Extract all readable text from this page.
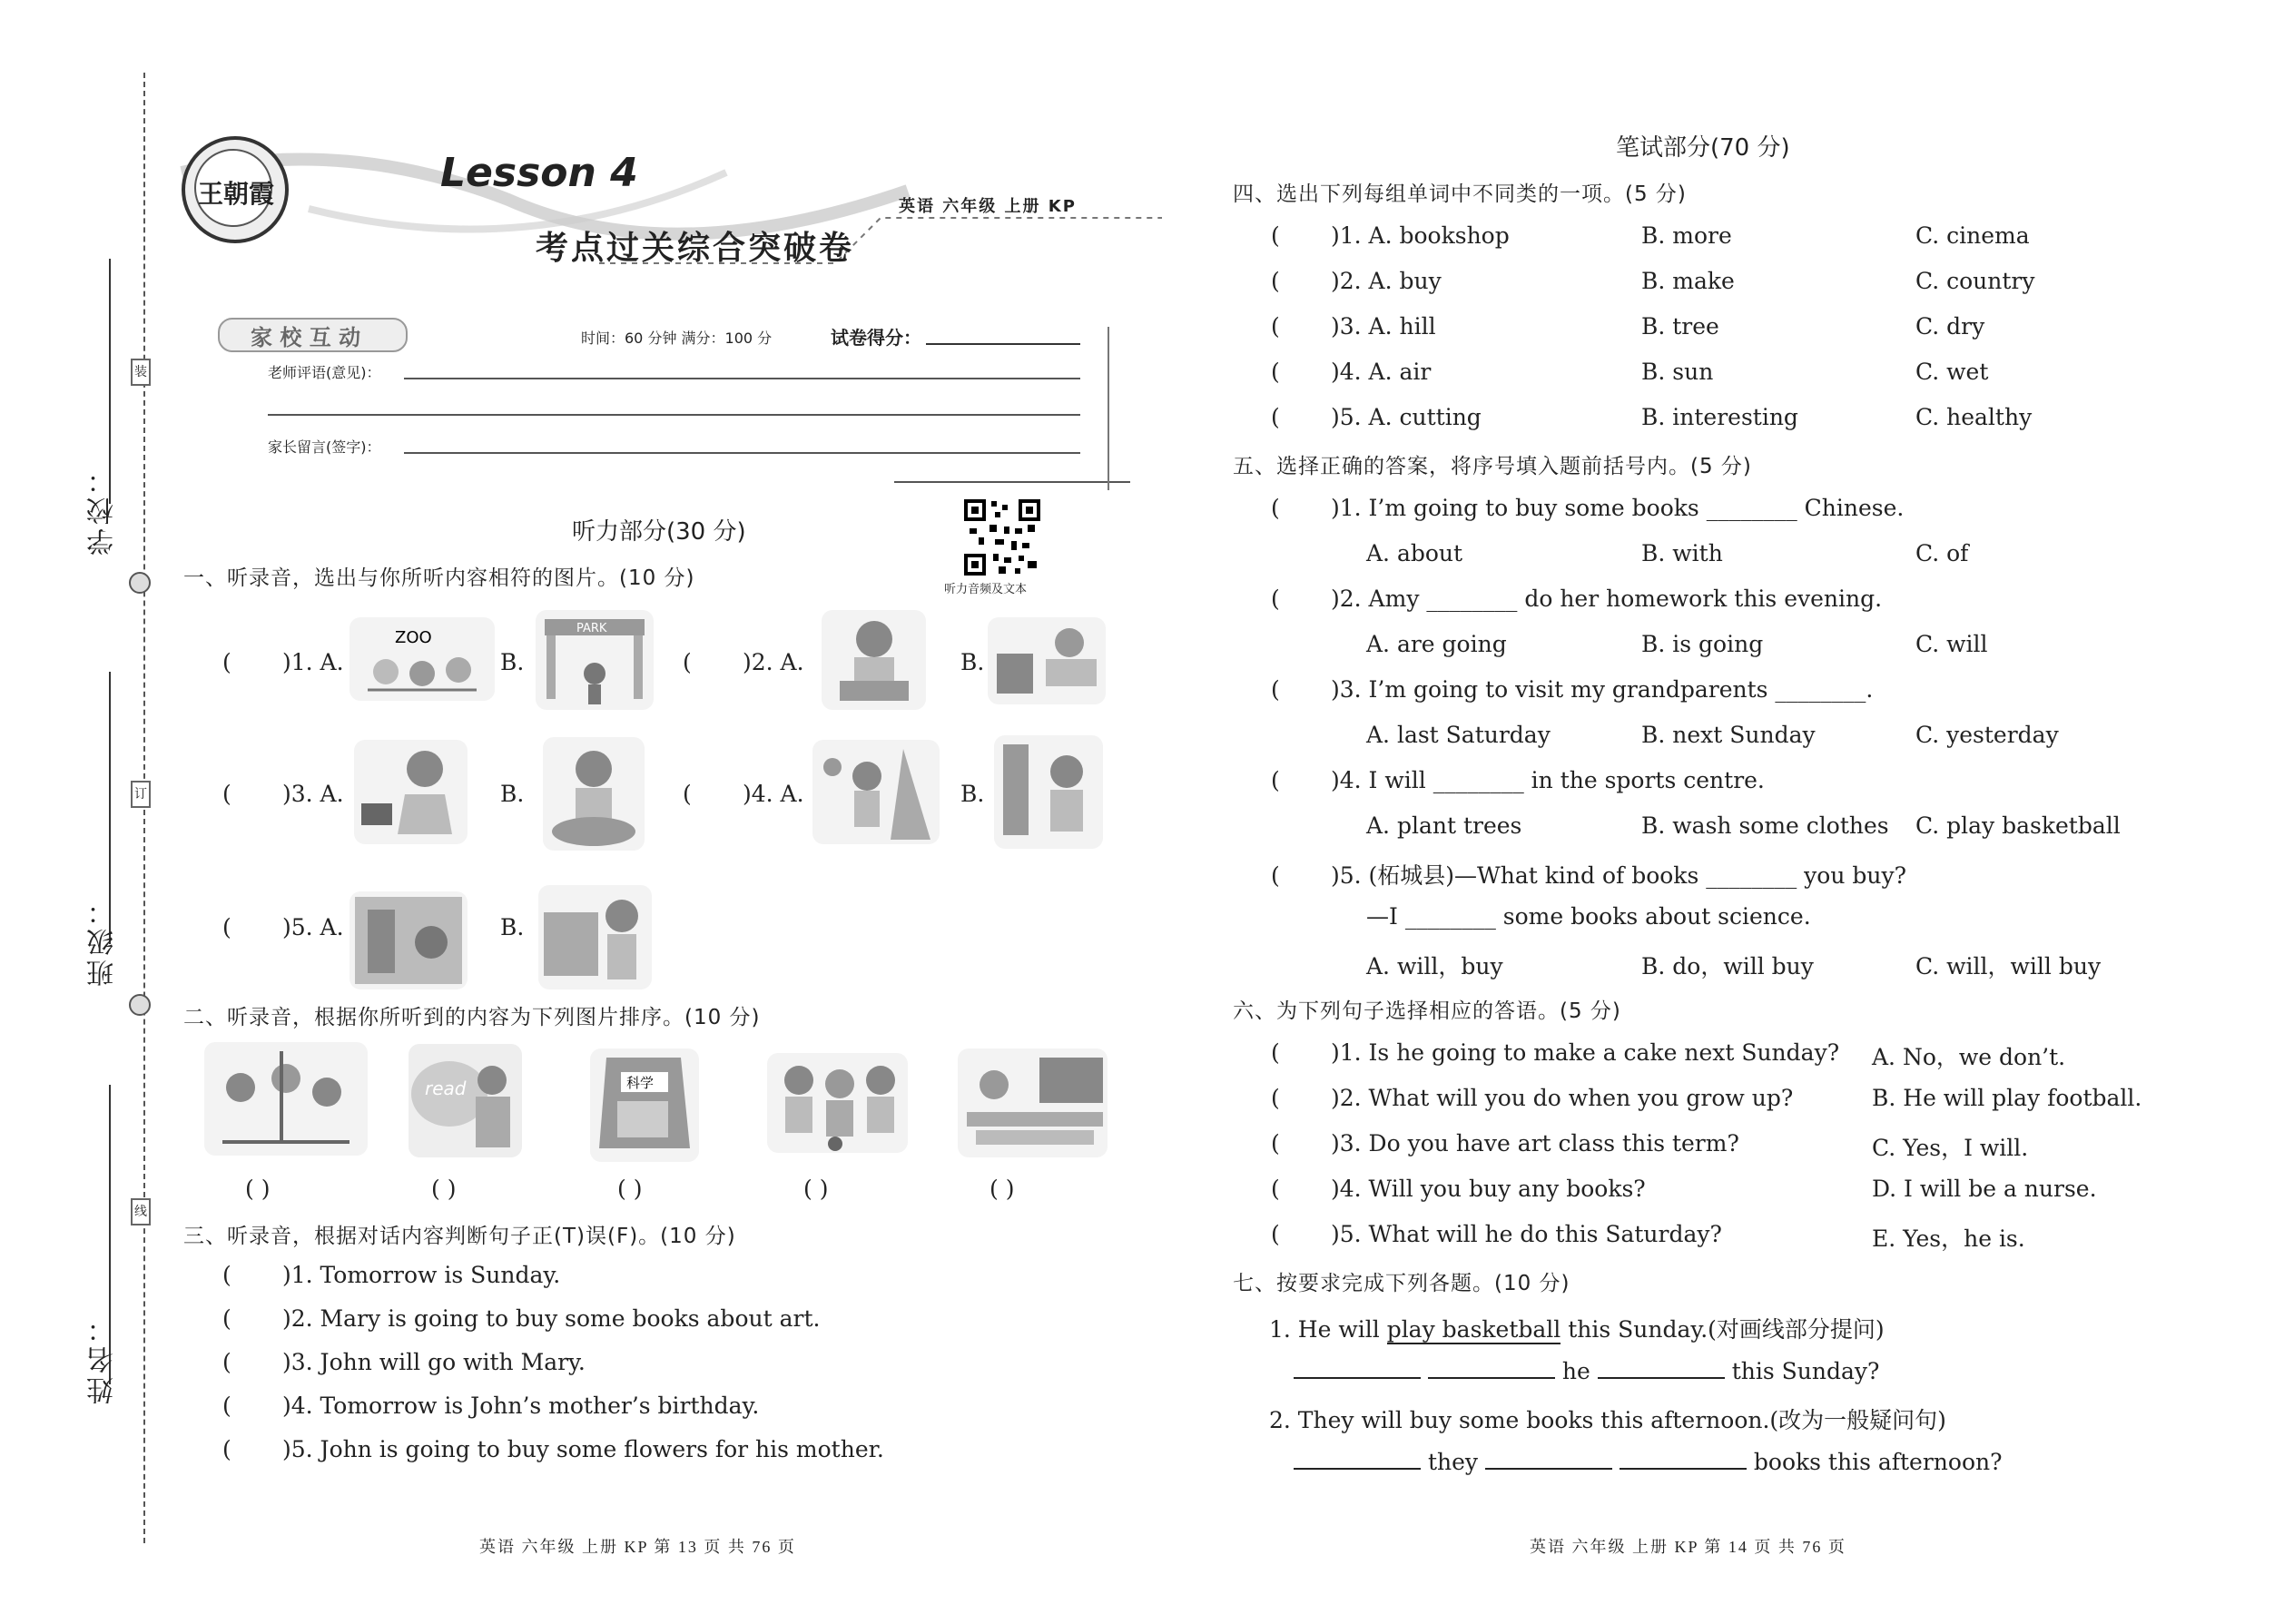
学校：
装
班级：
订
姓名：
线
王朝霞	Lesson 4
英语 六年级 上册 KP
考点过关综合突破卷
家 校 互 动	时间：60 分钟 满分：100 分	试卷得分：
老师评语(意见)：
家长留言(签字)：
听力音频及文本
听力部分(30 分)
一、听录音，选出与你所听内容相符的图片。(10 分)
( )1. A.
ZOO
B.
PARK
( )2. A.	B.
( )3. A.	B.	( )4. A.	B.
( )5. A.	B.
二、听录音，根据你所听到的内容为下列图片排序。(10 分)
read	科学
( )	( )	( )	( )	( )
三、听录音，根据对话内容判断句子正(T)误(F)。(10 分)
( )1. Tomorrow is Sunday.
( )2. Mary is going to buy some books about art.
( )3. John will go with Mary.
( )4. Tomorrow is John’s mother’s birthday.
( )5. John is going to buy some flowers for his mother.
英语 六年级 上册 KP 第 13 页 共 76 页
笔试部分(70 分)
四、选出下列每组单词中不同类的一项。(5 分)
( )1. A. bookshop	B. more	C. cinema
( )2. A. buy	B. make	C. country
( )3. A. hill	B. tree	C. dry
( )4. A. air	B. sun	C. wet
( )5. A. cutting	B. interesting	C. healthy
五、选择正确的答案，将序号填入题前括号内。(5 分)
( )1. I’m going to buy some books ________ Chinese.
A. about	B. with	C. of
( )2. Amy ________ do her homework this evening.
A. are going	B. is going	C. will
( )3. I’m going to visit my grandparents ________.
A. last Saturday	B. next Sunday	C. yesterday
( )4. I will ________ in the sports centre.
A. plant trees	B. wash some clothes C. play basketball
( )5. (柘城县)—What kind of books ________ you buy?
—I ________ some books about science.
A. will，buy	B. do，will buy	C. will，will buy
六、为下列句子选择相应的答语。(5 分)
( )1. Is he going to make a cake next Sunday? A. No，we don’t.
( )2. What will you do when you grow up?	B. He will play football.
( )3. Do you have art class this term?	C. Yes，I will.
( )4. Will you buy any books?	D. I will be a nurse.
( )5. What will he do this Saturday?	E. Yes，he is.
七、按要求完成下列各题。(10 分)
1. He will play basketball this Sunday.(对画线部分提问)
he	this Sunday?
2. They will buy some books this afternoon.(改为一般疑问句)
they	books this afternoon?
英语 六年级 上册 KP 第 14 页 共 76 页
